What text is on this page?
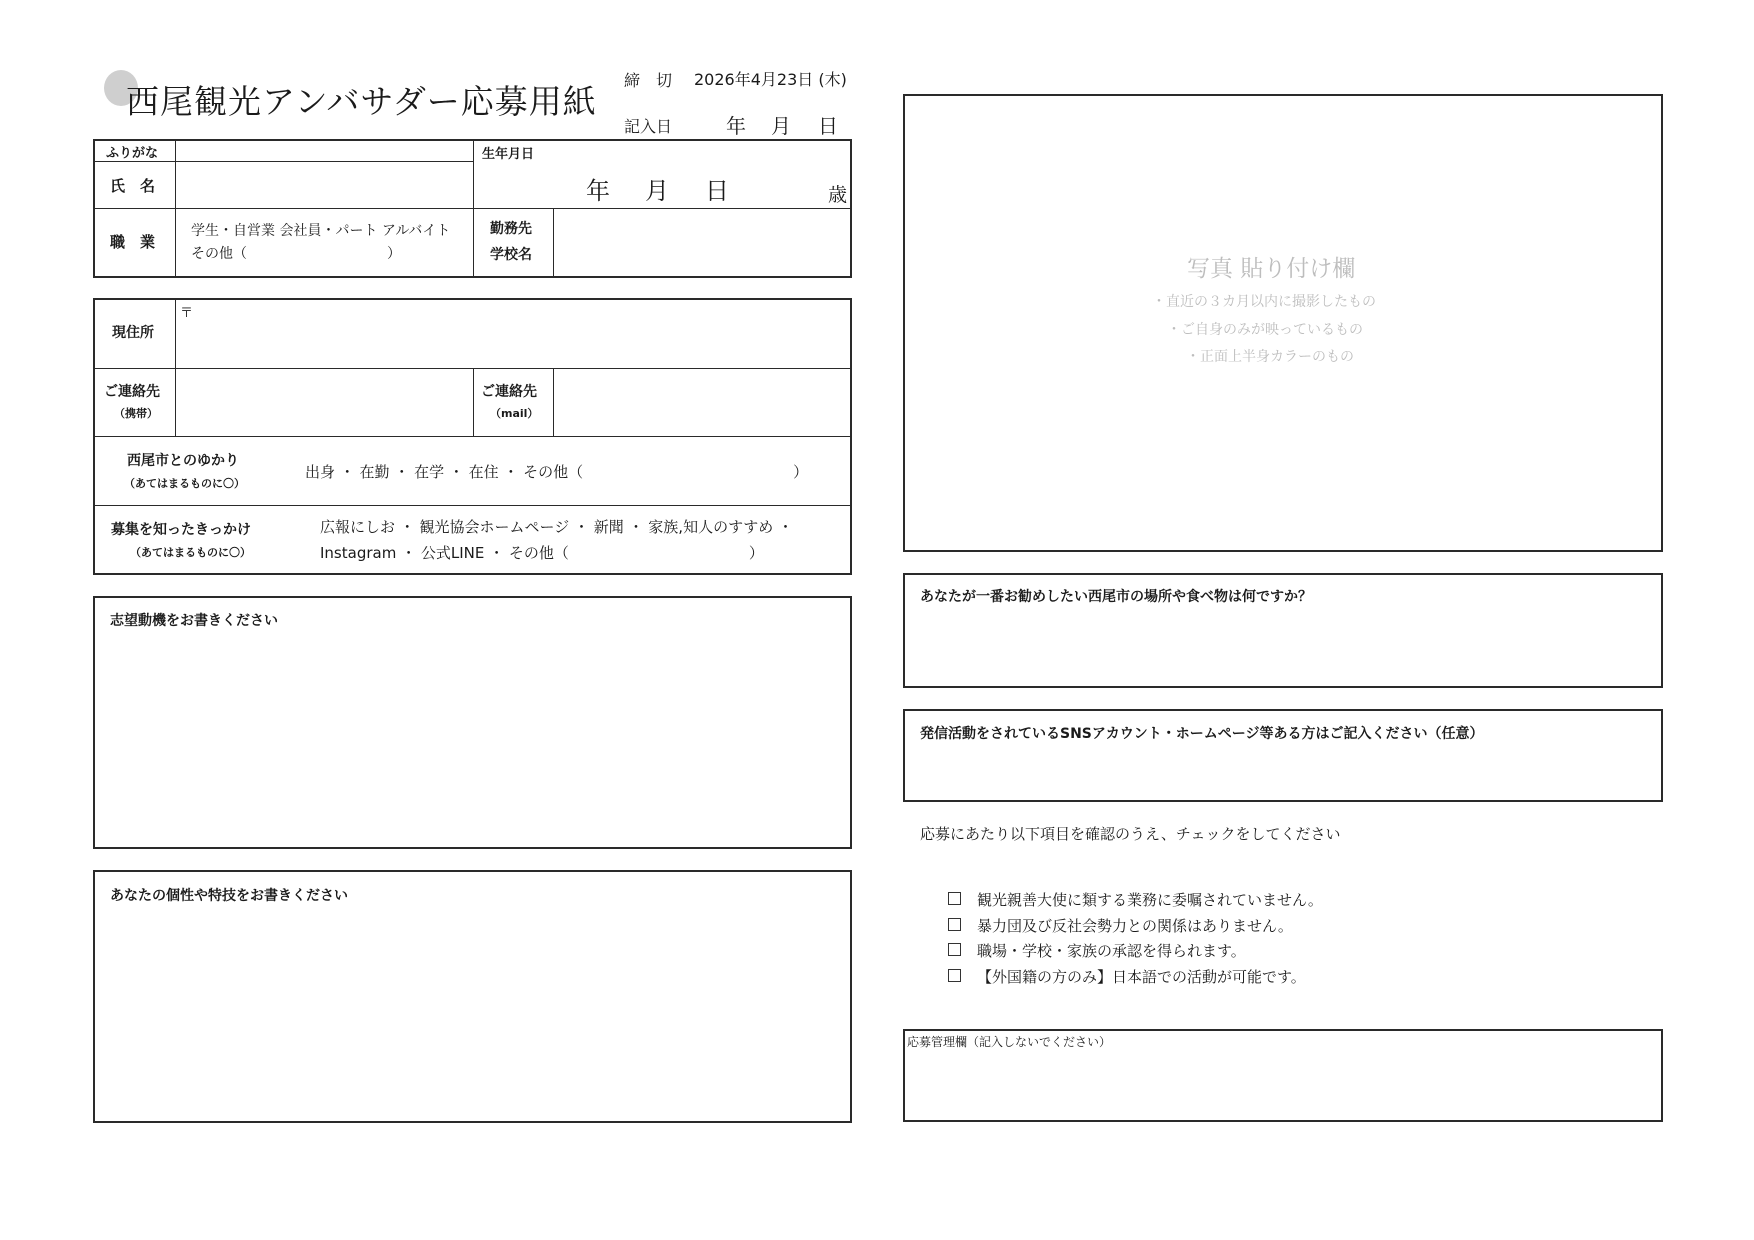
西尾観光アンバサダー応募用紙
締　切 2026年4月23日 (木)
記入日	年 月 日
ふりがな
氏　名
生年月日
年 月 日	歳
職　業
学生・自営業 会社員・パート アルバイト
その他（　　　　　　　　　　）
勤務先
学校名
現住所
〒
ご連絡先
（携帯）
ご連絡先
（mail）
西尾市とのゆかり
（あてはまるものに〇）
出身 ・ 在勤 ・ 在学 ・ 在住 ・ その他（　　　　　　　　　　　　　　）
募集を知ったきっかけ
（あてはまるものに〇）
広報にしお ・ 観光協会ホームページ ・ 新聞 ・ 家族,知人のすすめ ・
Instagram ・ 公式LINE ・ その他（　　　　　　　　　　　　）
志望動機をお書きください
あなたの個性や特技をお書きください
写真 貼り付け欄
・直近の３カ月以内に撮影したもの
・ご自身のみが映っているもの
・正面上半身カラーのもの
あなたが一番お勧めしたい西尾市の場所や食べ物は何ですか？
発信活動をされているSNSアカウント・ホームページ等ある方はご記入ください（任意）
応募にあたり以下項目を確認のうえ、チェックをしてください
観光親善大使に類する業務に委嘱されていません。
暴力団及び反社会勢力との関係はありません。
職場・学校・家族の承認を得られます。
【外国籍の方のみ】日本語での活動が可能です。
応募管理欄（記入しないでください）
